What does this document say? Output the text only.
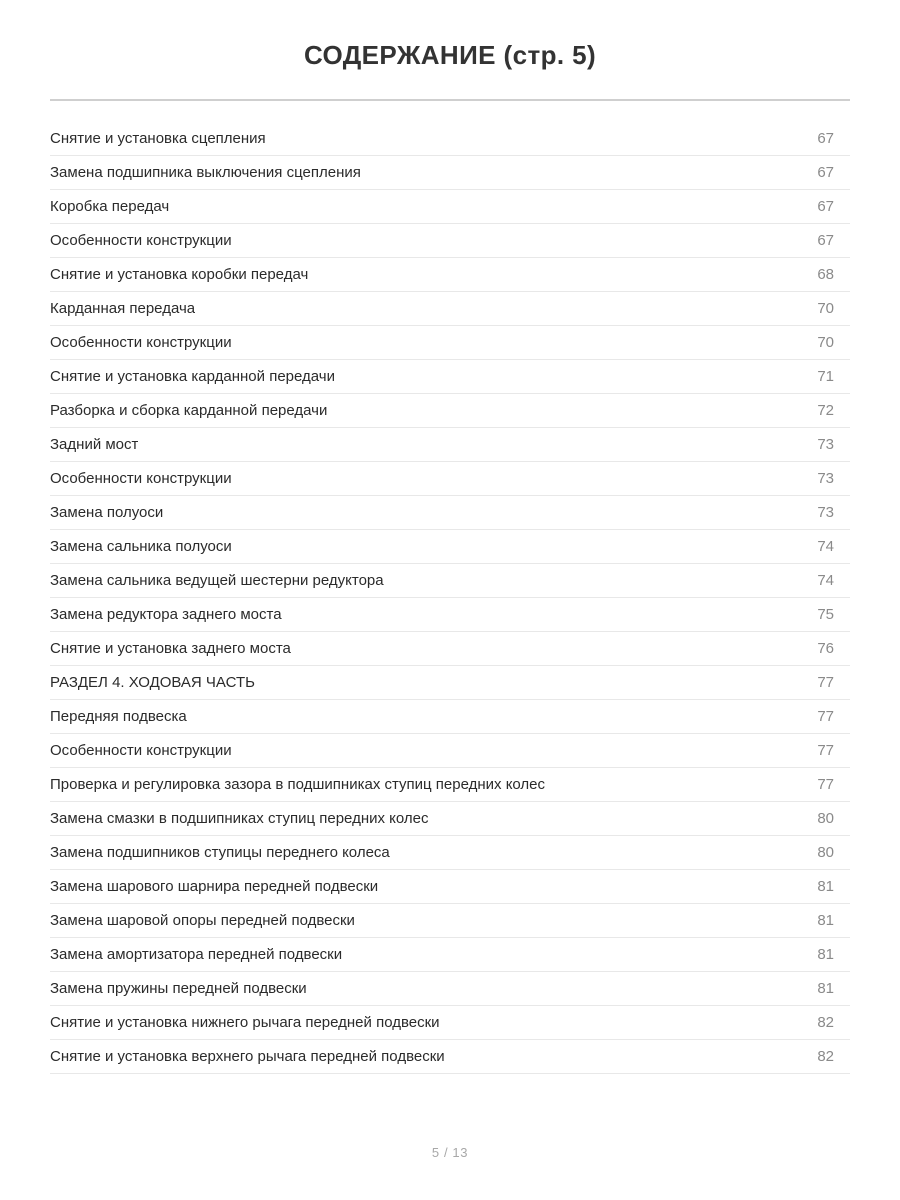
СОДЕРЖАНИЕ (стр. 5)
Снятие и установка сцепления	67
Замена подшипника выключения сцепления	67
Коробка передач	67
Особенности конструкции	67
Снятие и установка коробки передач	68
Карданная передача	70
Особенности конструкции	70
Снятие и установка карданной передачи	71
Разборка и сборка карданной передачи	72
Задний мост	73
Особенности конструкции	73
Замена полуоси	73
Замена сальника полуоси	74
Замена сальника ведущей шестерни редуктора	74
Замена редуктора заднего моста	75
Снятие и установка заднего моста	76
РАЗДЕЛ 4. ХОДОВАЯ ЧАСТЬ	77
Передняя подвеска	77
Особенности конструкции	77
Проверка и регулировка зазора в подшипниках ступиц передних колес	77
Замена смазки в подшипниках ступиц передних колес	80
Замена подшипников ступицы переднего колеса	80
Замена шарового шарнира передней подвески	81
Замена шаровой опоры передней подвески	81
Замена амортизатора передней подвески	81
Замена пружины передней подвески	81
Снятие и установка нижнего рычага передней подвески	82
Снятие и установка верхнего рычага передней подвески	82
5 / 13
